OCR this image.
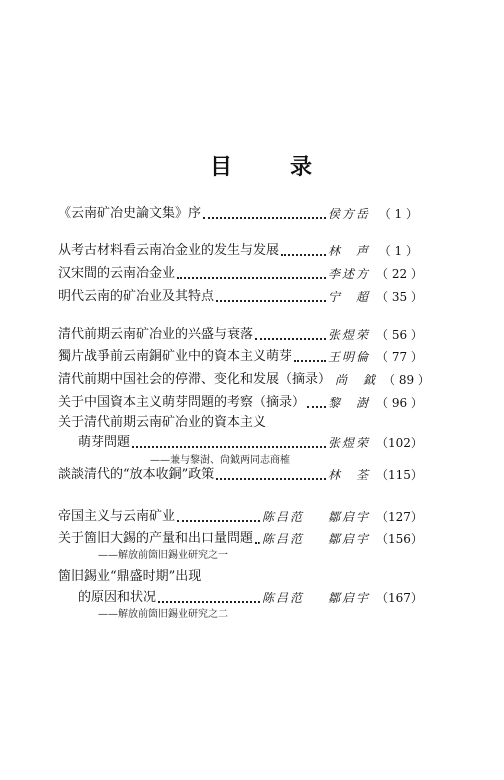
目　录
《云南矿冶史論文集》序	侯方岳 （ 1 ）
从考古材料看云南冶金业的发生与发展	林　声 （ 1 ）
汉宋間的云南冶金业	李述方 （ 22 ）
明代云南的矿冶业及其特点	宁　超 （ 35 ）
清代前期云南矿冶业的兴盛与衰落	张煜荣 （ 56 ）
獨片战爭前云南銅矿业中的資本主义萌芽	王明倫 （ 77 ）
清代前期中国社会的停滞、变化和发展（摘录） 尚　鉞 （ 89 ）
关于中国資本主义萌芽問題的考察（摘录） 黎　澍 （ 96 ）
关于清代前期云南矿冶业的資本主义
萌芽問題	张煜荣 （102）
——兼与黎澍、尙鉞两同志商榷
談談清代的“放本收銅”政策	林　荃 （115）
帝国主义与云南矿业	陈吕范 鄒启宇 （127）
关于箇旧大錫的产量和出口量問題 陈吕范 鄒启宇 （156）
——解放前箇旧錫业研究之一
箇旧錫业“鼎盛时期”出现
的原因和状况	陈吕范 鄒启宇 （167）
——解放前箇旧錫业研究之二
